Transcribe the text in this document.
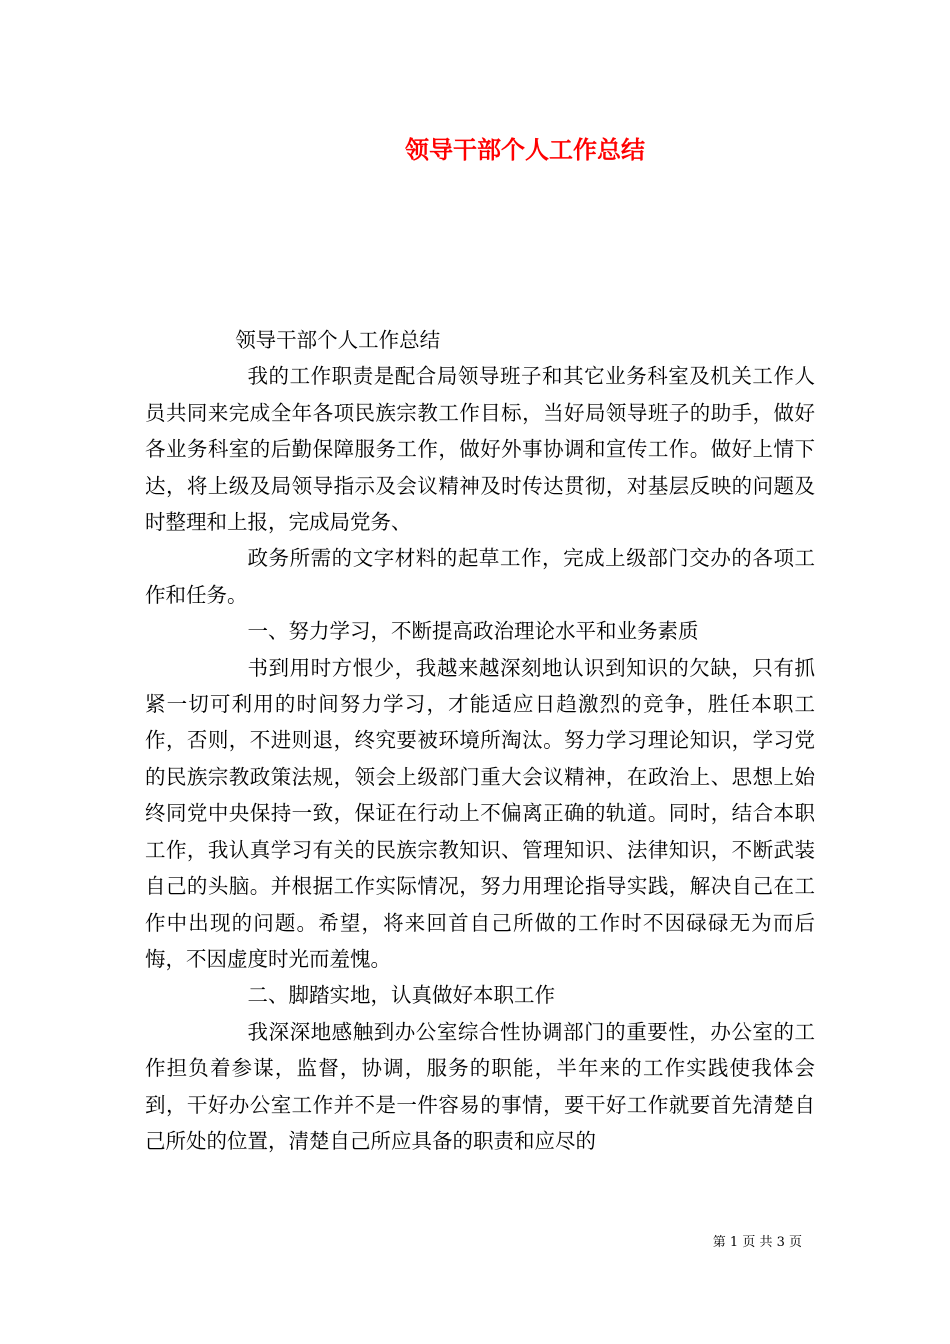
领导干部个人工作总结

领导干部个人工作总结

我的工作职责是配合局领导班子和其它业务科室及机关工作人员共同来完成全年各项民族宗教工作目标，当好局领导班子的助手，做好各业务科室的后勤保障服务工作，做好外事协调和宣传工作。做好上情下达，将上级及局领导指示及会议精神及时传达贯彻，对基层反映的问题及时整理和上报，完成局党务、

政务所需的文字材料的起草工作，完成上级部门交办的各项工作和任务。

一、努力学习，不断提高政治理论水平和业务素质

书到用时方恨少，我越来越深刻地认识到知识的欠缺，只有抓紧一切可利用的时间努力学习，才能适应日趋激烈的竞争，胜任本职工作，否则，不进则退，终究要被环境所淘汰。努力学习理论知识，学习党的民族宗教政策法规，领会上级部门重大会议精神，在政治上、思想上始终同党中央保持一致，保证在行动上不偏离正确的轨道。同时，结合本职工作，我认真学习有关的民族宗教知识、管理知识、法律知识，不断武装自己的头脑。并根据工作实际情况，努力用理论指导实践，解决自己在工作中出现的问题。希望，将来回首自己所做的工作时不因碌碌无为而后悔，不因虚度时光而羞愧。

二、脚踏实地，认真做好本职工作

我深深地感触到办公室综合性协调部门的重要性，办公室的工作担负着参谋，监督，协调，服务的职能，半年来的工作实践使我体会到，干好办公室工作并不是一件容易的事情，要干好工作就要首先清楚自己所处的位置，清楚自己所应具备的职责和应尽的

第 1 页 共 3 页
